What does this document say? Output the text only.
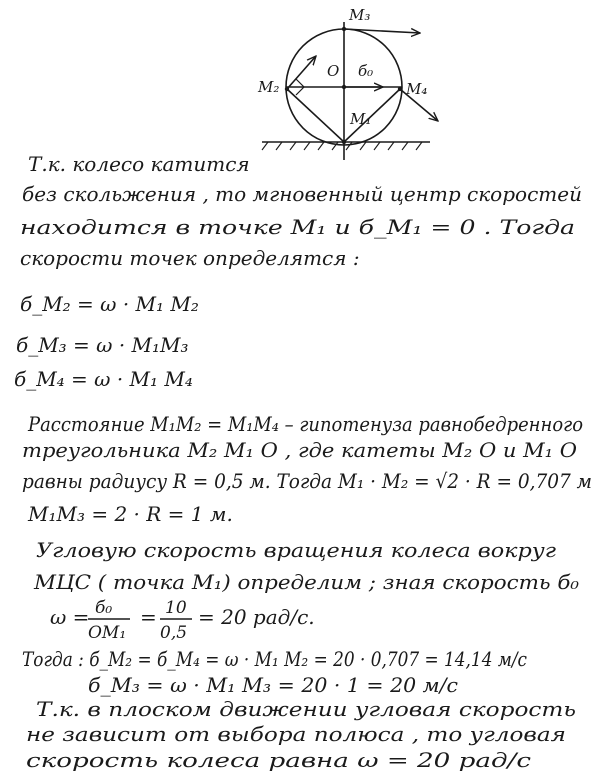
M₃
M₂
O б₀
M₄
M₁
Т.к. колесо катится
без скольжения , то мгновенный центр скоростей
находится в точке M₁ и б_M₁ = 0 . Тогда
скорости точек определятся :
б_M₂ = ω · M₁ M₂
б_M₃ = ω · M₁M₃
б_M₄ = ω · M₁ M₄
Расстояние M₁M₂ = M₁M₄ – гипотенуза равнобедренного
треугольника M₂ M₁ O , где катеты M₂ O и M₁ O
равны радиусу R = 0,5 м. Тогда M₁ · M₂ = √2 · R = 0,707 м
M₁M₃ = 2 · R = 1 м.
Угловую скорость вращения колеса вокруг
МЦС ( точка M₁) определим ; зная скорость б₀
ω = б₀
OM₁
= 10
0,5
= 20 рад/с.
Тогда : б_M₂ = б_M₄ = ω · M₁ M₂ = 20 · 0,707 = 14,14 м/с
б_M₃ = ω · M₁ M₃ = 20 · 1 = 20 м/с
Т.к. в плоском движении угловая скорость
не зависит от выбора полюса , то угловая
скорость колеса равна ω = 20 рад/с
